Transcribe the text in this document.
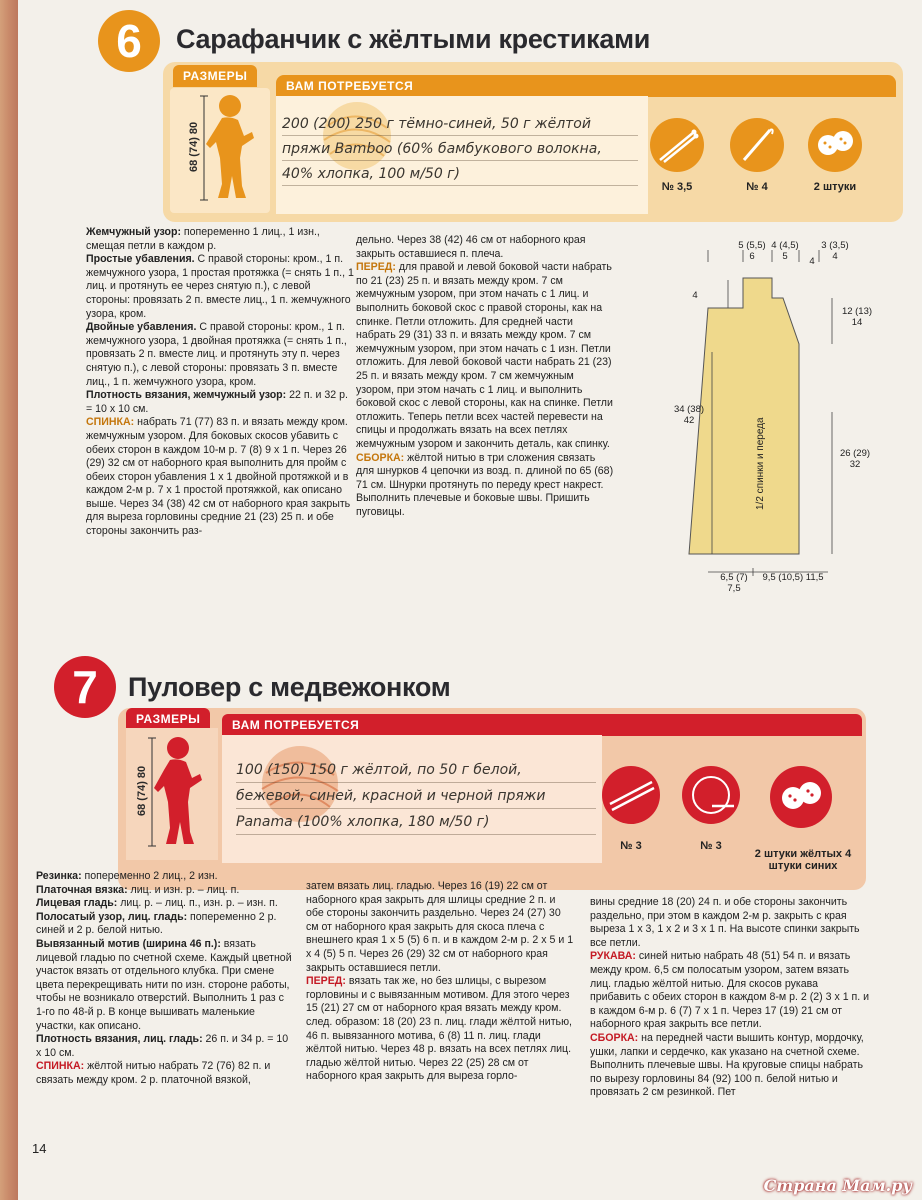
6	Сарафанчик с жёлтыми крестиками
РАЗМЕРЫ
ВАМ ПОТРЕБУЕТСЯ
68 (74) 80	200 (200) 250 г тёмно-синей, 50 г жёлтой
пряжи Bamboo (60% бамбукового волокна,
40% хлопка, 100 м/50 г)
№ 3,5	№ 4	2 штуки

Жемчужный узор: попеременно 1 лиц., 1 изн., смещая петли в каждом р.

Простые убавления. С правой стороны: кром., 1 п. жемчужного узора, 1 простая протяжка (= снять 1 п., 1 лиц. и протянуть ее через снятую п.), с левой стороны: провязать 2 п. вместе лиц., 1 п. жемчужного узора, кром.

Двойные убавления. С правой стороны: кром., 1 п. жемчужного узора, 1 двойная протяжка (= снять 1 п., провязать 2 п. вместе лиц. и протянуть эту п. через снятую п.), с левой стороны: провязать 3 п. вместе лиц., 1 п. жемчужного узора, кром.

Плотность вязания, жемчужный узор: 22 п. и 32 р. = 10 х 10 см.

СПИНКА: набрать 71 (77) 83 п. и вязать между кром. жемчужным узором. Для боковых скосов убавить с обеих сторон в каждом 10-м р. 7 (8) 9 х 1 п. Через 26 (29) 32 см от наборного края выполнить для пройм с обеих сторон убавления 1 х 1 двойной протяжкой и в каждом 2-м р. 7 х 1 простой протяжкой, как описано выше. Через 34 (38) 42 см от наборного края закрыть для выреза горловины средние 21 (23) 25 п. и обе стороны закончить раз-

дельно. Через 38 (42) 46 см от наборного края закрыть оставшиеся п. плеча.

ПЕРЕД: для правой и левой боковой части набрать по 21 (23) 25 п. и вязать между кром. 7 см жемчужным узором, при этом начать с 1 лиц. и выполнить боковой скос с правой стороны, как на спинке. Петли отложить. Для средней части набрать 29 (31) 33 п. и вязать между кром. 7 см жемчужным узором, при этом начать с 1 изн. Петли отложить. Для левой боковой части набрать 21 (23) 25 п. и вязать между кром. 7 см жемчужным узором, при этом начать с 1 лиц. и выполнить боковой скос с левой стороны, как на спинке. Петли отложить. Теперь петли всех частей перевести на спицы и продолжать вязать на всех петлях жемчужным узором и закончить деталь, как спинку.

СБОРКА: жёлтой нитью в три сложения связать для шнурков 4 цепочки из возд. п. длиной по 65 (68) 71 см. Шнурки протянуть по переду крест накрест. Выполнить плечевые и боковые швы. Пришить пуговицы.

5 (5,5) 6
4 (4,5) 5	4
3 (3,5) 4
4
12 (13) 14
34 (38) 42
26 (29) 32
6,5 (7) 7,5
9,5 (10,5) 11,5
1/2 спинки и переда
7	Пуловер с медвежонком
РАЗМЕРЫ	ВАМ ПОТРЕБУЕТСЯ
68 (74) 80	100 (150) 150 г жёлтой, по 50 г белой,
бежевой, синей, красной и черной пряжи
Panama (100% хлопка, 180 м/50 г)
№ 3	№ 3
2 штуки жёлтых 4 штуки синих

Резинка: попеременно 2 лиц., 2 изн.

Платочная вязка: лиц. и изн. р. – лиц. п.

Лицевая гладь: лиц. р. – лиц. п., изн. р. – изн. п.

Полосатый узор, лиц. гладь: попеременно 2 р. синей и 2 р. белой нитью.

Вывязанный мотив (ширина 46 п.): вязать лицевой гладью по счетной схеме. Каждый цветной участок вязать от отдельного клубка. При смене цвета перекрещивать нити по изн. стороне работы, чтобы не возникало отверстий. Выполнить 1 раз с 1-го по 48-й р. В конце вышивать маленькие участки, как описано.

Плотность вязания, лиц. гладь: 26 п. и 34 р. = 10 х 10 см.

СПИНКА: жёлтой нитью набрать 72 (76) 82 п. и связать между кром. 2 р. платочной вязкой,

затем вязать лиц. гладью. Через 16 (19) 22 см от наборного края закрыть для шлицы средние 2 п. и обе стороны закончить раздельно. Через 24 (27) 30 см от наборного края закрыть для скоса плеча с внешнего края 1 х 5 (5) 6 п. и в каждом 2-м р. 2 х 5 и 1 х 4 (5) 5 п. Через 26 (29) 32 см от наборного края закрыть оставшиеся петли.

ПЕРЕД: вязать так же, но без шлицы, с вырезом горловины и с вывязанным мотивом. Для этого через 15 (21) 27 см от наборного края вязать между кром. след. образом: 18 (20) 23 п. лиц. глади жёлтой нитью, 46 п. вывязанного мотива, 6 (8) 11 п. лиц. глади жёлтой нитью. Через 48 р. вязать на всех петлях лиц. гладью жёлтой нитью. Через 22 (25) 28 см от наборного края закрыть для выреза горло-

вины средние 18 (20) 24 п. и обе стороны закончить раздельно, при этом в каждом 2-м р. закрыть с края выреза 1 х 3, 1 х 2 и 3 х 1 п. На высоте спинки закрыть все петли.

РУКАВА: синей нитью набрать 48 (51) 54 п. и вязать между кром. 6,5 см полосатым узором, затем вязать лиц. гладью жёлтой нитью. Для скосов рукава прибавить с обеих сторон в каждом 8-м р. 2 (2) 3 х 1 п. и в каждом 6-м р. 6 (7) 7 х 1 п. Через 17 (19) 21 см от наборного края закрыть все петли.

СБОРКА: на передней части вышить контур, мордочку, ушки, лапки и сердечко, как указано на счетной схеме. Выполнить плечевые швы. На круговые спицы набрать по вырезу горловины 84 (92) 100 п. белой нитью и провязать 2 см резинкой. Пет

14
Страна Мам.ру
